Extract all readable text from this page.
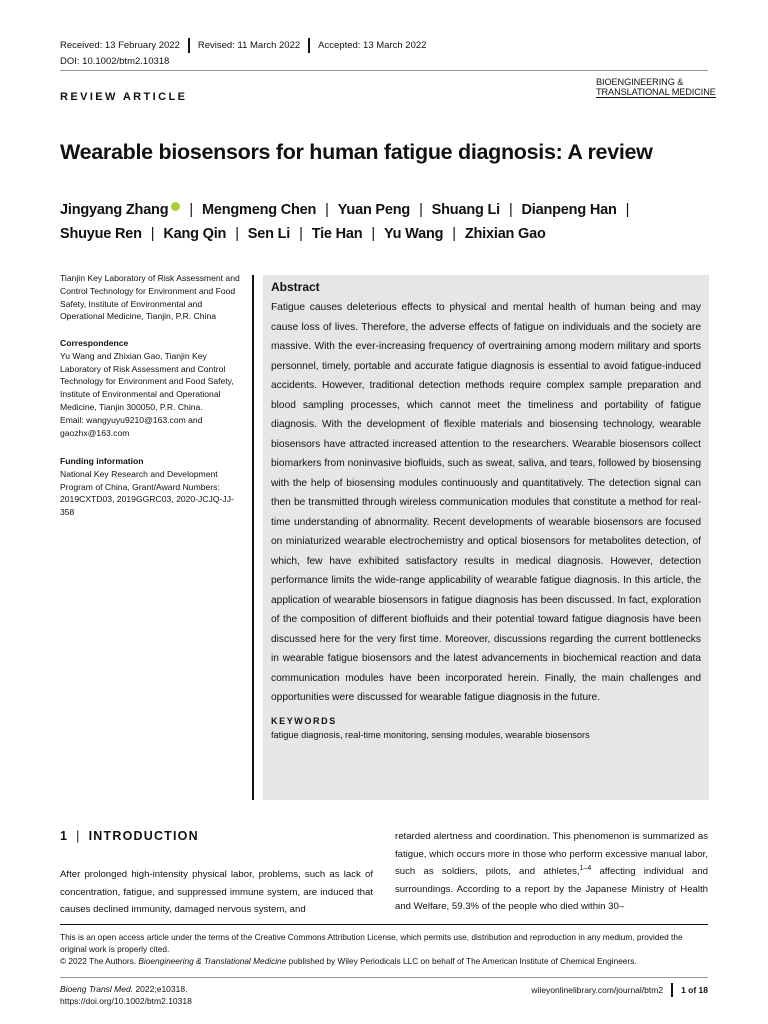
Received: 13 February 2022 Revised: 11 March 2022 Accepted: 13 March 2022
DOI: 10.1002/btm2.10318
REVIEW ARTICLE
BIOENGINEERING &
TRANSLATIONAL MEDICINE
Wearable biosensors for human fatigue diagnosis: A review
Jingyang Zhang | Mengmeng Chen | Yuan Peng | Shuang Li | Dianpeng Han |
Shuyue Ren | Kang Qin | Sen Li | Tie Han | Yu Wang | Zhixian Gao
Tianjin Key Laboratory of Risk Assessment and Control Technology for Environment and Food Safety, Institute of Environmental and Operational Medicine, Tianjin, P.R. China
Correspondence
Yu Wang and Zhixian Gao, Tianjin Key Laboratory of Risk Assessment and Control Technology for Environment and Food Safety, Institute of Environmental and Operational Medicine, Tianjin 300050, P.R. China.
Email: wangyuyu9210@163.com and gaozhx@163.com
Funding information
National Key Research and Development Program of China, Grant/Award Numbers: 2019CXTD03, 2019GGRC03, 2020-JCJQ-JJ-358
Abstract
Fatigue causes deleterious effects to physical and mental health of human being and may cause loss of lives. Therefore, the adverse effects of fatigue on individuals and the society are massive. With the ever-increasing frequency of overtraining among modern military and sports personnel, timely, portable and accurate fatigue diagnosis is essential to avoid fatigue-induced accidents. However, traditional detection methods require complex sample preparation and blood sampling processes, which cannot meet the timeliness and portability of fatigue diagnosis. With the development of flexible materials and biosensing technology, wearable biosensors have attracted increased attention to the researchers. Wearable biosensors collect biomarkers from noninvasive biofluids, such as sweat, saliva, and tears, followed by biosensing with the help of biosensing modules continuously and quantitatively. The detection signal can then be transmitted through wireless communication modules that constitute a method for real-time understanding of abnormality. Recent developments of wearable biosensors are focused on miniaturized wearable electrochemistry and optical biosensors for metabolites detection, of which, few have exhibited satisfactory results in medical diagnosis. However, detection performance limits the wide-range applicability of wearable fatigue diagnosis. In this article, the application of wearable biosensors in fatigue diagnosis has been discussed. In fact, exploration of the composition of different biofluids and their potential toward fatigue diagnosis have been discussed here for the very first time. Moreover, discussions regarding the current bottlenecks in wearable fatigue biosensors and the latest advancements in biochemical reaction and data communication modules have been incorporated herein. Finally, the main challenges and opportunities were discussed for wearable fatigue diagnosis in the future.
KEYWORDS
fatigue diagnosis, real-time monitoring, sensing modules, wearable biosensors
1 | INTRODUCTION
After prolonged high-intensity physical labor, problems, such as lack of concentration, fatigue, and suppressed immune system, are induced that causes declined immunity, damaged nervous system, and
retarded alertness and coordination. This phenomenon is summarized as fatigue, which occurs more in those who perform excessive manual labor, such as soldiers, pilots, and athletes,$^{1-4}$ affecting individual and surroundings. According to a report by the Japanese Ministry of Health and Welfare, 59.3% of the people who died within 30–
This is an open access article under the terms of the Creative Commons Attribution License, which permits use, distribution and reproduction in any medium, provided the original work is properly cited.
© 2022 The Authors. Bioengineering & Translational Medicine published by Wiley Periodicals LLC on behalf of The American Institute of Chemical Engineers.
Bioeng Transl Med. 2022;e10318.
https://doi.org/10.1002/btm2.10318
wileyonlinelibrary.com/journal/btm2 1 of 18
